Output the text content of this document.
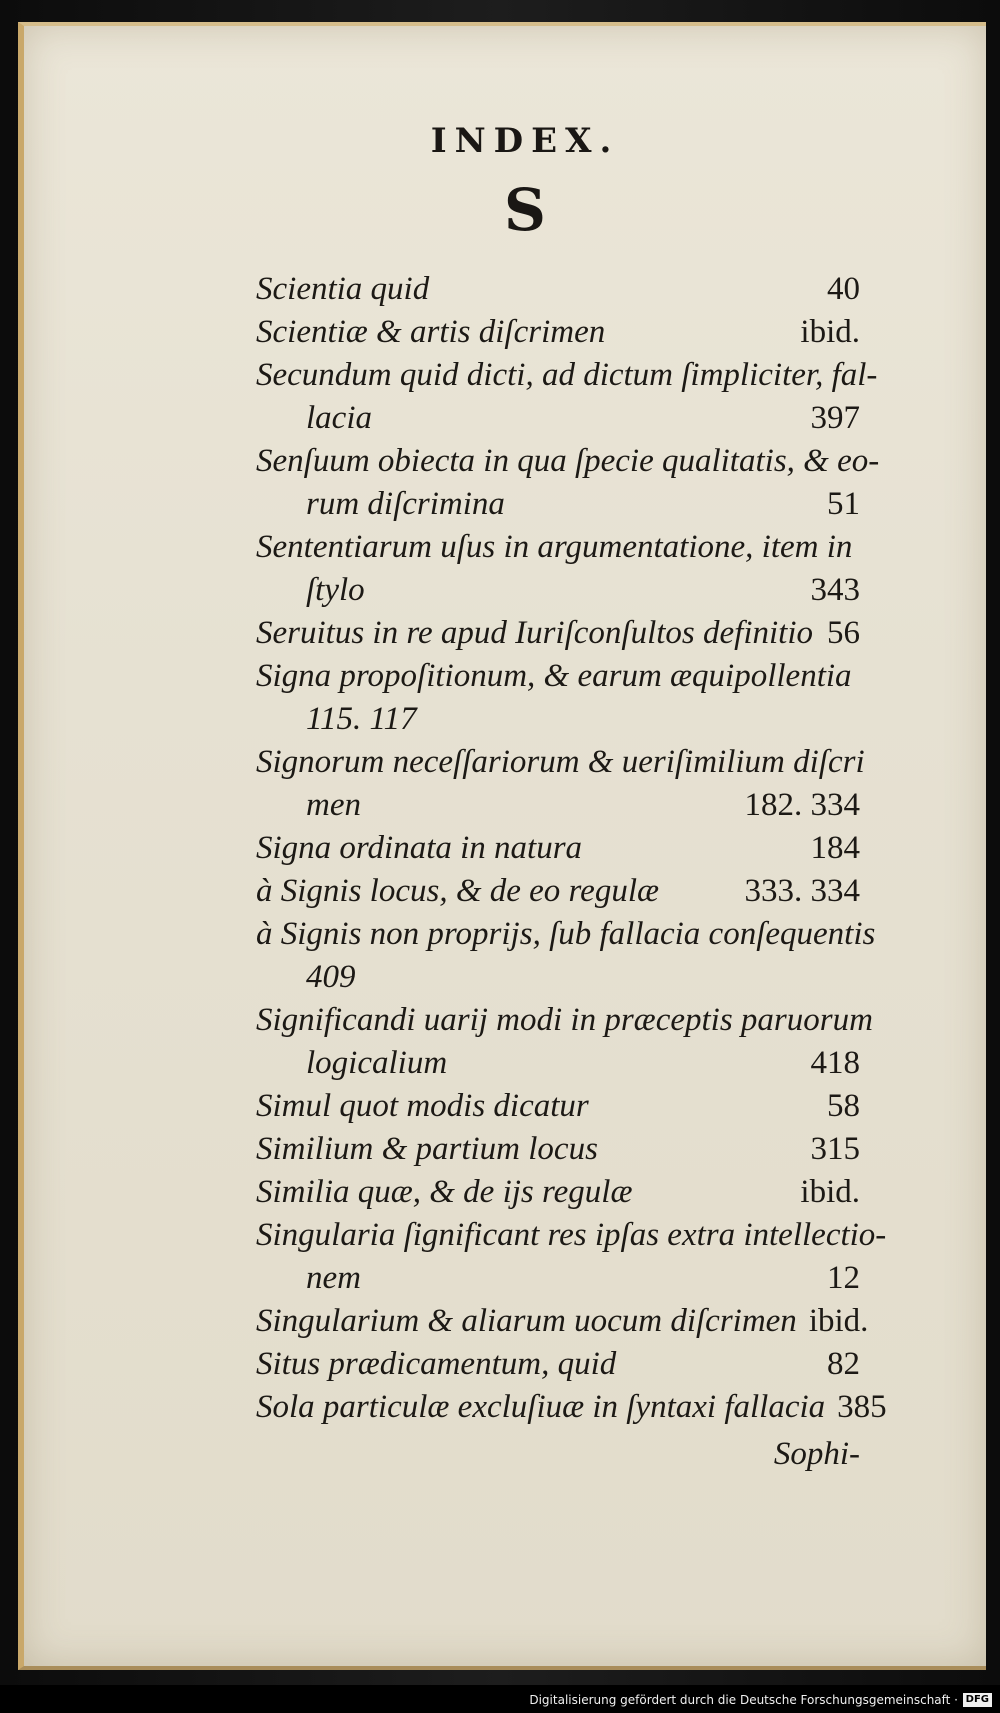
INDEX.
S
Scientia quid	40
Scientiæ & artis diſcrimen	ibid.
Secundum quid dicti, ad dictum ſimpliciter, fal-
lacia	397
Senſuum obiecta in qua ſpecie qualitatis, & eo-
rum diſcrimina	51
Sententiarum uſus in argumentatione, item in
ſtylo	343
Seruitus in re apud Iuriſconſultos definitio 56
Signa propoſitionum, & earum æquipollentia
115. 117
Signorum neceſſariorum & ueriſimilium diſcri
men	182. 334
Signa ordinata in natura	184
à Signis locus, & de eo regulæ	333. 334
à Signis non proprijs, ſub fallacia conſequentis
409
Significandi uarij modi in præceptis paruorum
logicalium	418
Simul quot modis dicatur	58
Similium & partium locus	315
Similia quæ, & de ijs regulæ	ibid.
Singularia ſignificant res ipſas extra intellectio-
nem	12
Singularium & aliarum uocum diſcrimen ibid.
Situs prædicamentum, quid	82
Sola particulæ excluſiuæ in ſyntaxi fallacia 385
Sophi-
Digitalisierung gefördert durch die Deutsche Forschungsgemeinschaft · DFG
